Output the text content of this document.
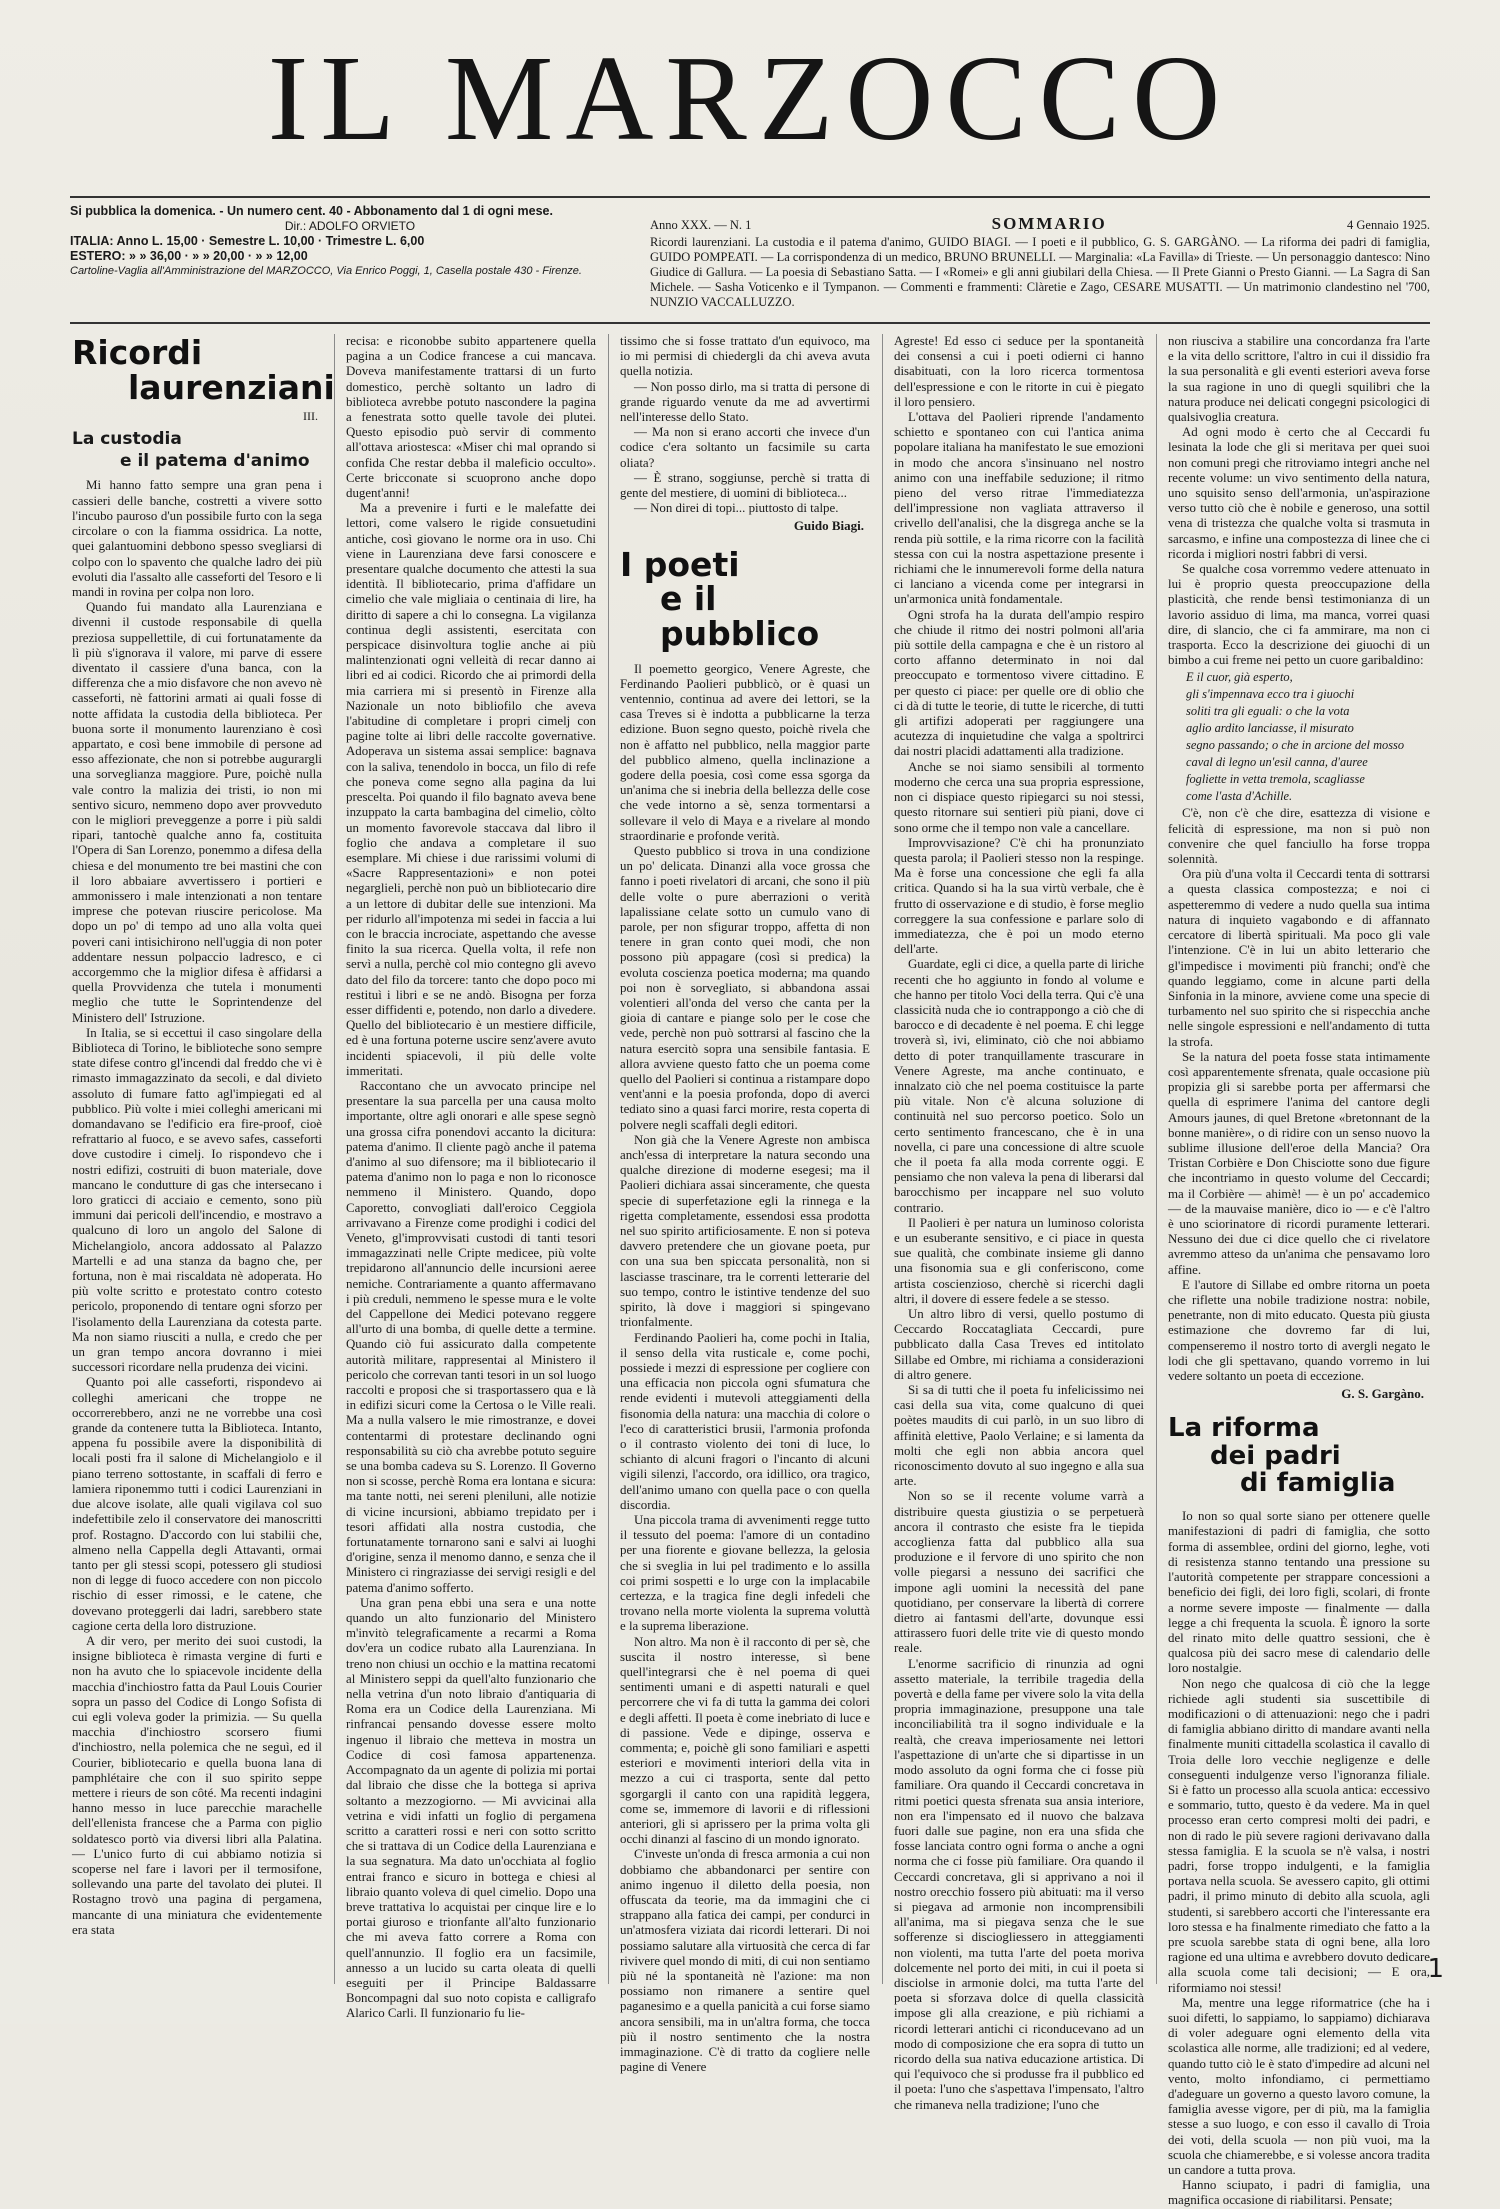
IL MARZOCCO
Si pubblica la domenica. - Un numero cent. 40 - Abbonamento dal 1 di ogni mese.
Dir.: ADOLFO ORVIETO
ITALIA: Anno L. 15,00 · Semestre L. 10,00 · Trimestre L. 6,00
ESTERO: » » 36,00 · » » 20,00 · » » 12,00
Cartoline-Vaglia all'Amministrazione del MARZOCCO, Via Enrico Poggi, 1, Casella postale 430 - Firenze.
Anno XXX. — N. 1	SOMMARIO	4 Gennaio 1925.
Ricordi laurenziani. La custodia e il patema d'animo, GUIDO BIAGI. — I poeti e il pubblico, G. S. GARGÀNO. — La riforma dei padri di famiglia, GUIDO POMPEATI. — La corrispondenza di un medico, BRUNO BRUNELLI. — Marginalia: «La Favilla» di Trieste. — Un personaggio dantesco: Nino Giudice di Gallura. — La poesia di Sebastiano Satta. — I «Romei» e gli anni giubilari della Chiesa. — Il Prete Gianni o Presto Gianni. — La Sagra di San Michele. — Sasha Voticenko e il Tympanon. — Commenti e frammenti: Clàretie e Zago, CESARE MUSATTI. — Un matrimonio clandestino nel '700, NUNZIO VACCALLUZZO.
Ricordi
laurenziani
III.
La custodia
e il patema d'animo

Mi hanno fatto sempre una gran pena i cassieri delle banche, costretti a vivere sotto l'incubo pauroso d'un possibile furto con la sega circolare o con la fiamma ossidrica. La notte, quei galantuomini debbono spesso svegliarsi di colpo con lo spavento che qualche ladro dei più evoluti dia l'assalto alle casseforti del Tesoro e li mandi in rovina per colpa non loro.

Quando fui mandato alla Laurenziana e divenni il custode responsabile di quella preziosa suppellettile, di cui fortunatamente da lì più s'ignorava il valore, mi parve di essere diventato il cassiere d'una banca, con la differenza che a mio disfavore che non avevo nè casseforti, nè fattorini armati ai quali fosse di notte affidata la custodia della biblioteca. Per buona sorte il monumento laurenziano è così appartato, e così bene immobile di persone ad esso affezionate, che non si potrebbe augurargli una sorveglianza maggiore. Pure, poichè nulla vale contro la malizia dei tristi, io non mi sentivo sicuro, nemmeno dopo aver provveduto con le migliori preveggenze a porre i più saldi ripari, tantochè qualche anno fa, costituita l'Opera di San Lorenzo, ponemmo a difesa della chiesa e del monumento tre bei mastini che con il loro abbaiare avvertissero i portieri e ammonissero i male intenzionati a non tentare imprese che potevan riuscire pericolose. Ma dopo un po' di tempo ad uno alla volta quei poveri cani intisichirono nell'uggia di non poter addentare nessun polpaccio ladresco, e ci accorgemmo che la miglior difesa è affidarsi a quella Provvidenza che tutela i monumenti meglio che tutte le Soprintendenze del Ministero dell' Istruzione.

In Italia, se si eccettui il caso singolare della Biblioteca di Torino, le biblioteche sono sempre state difese contro gl'incendi dal freddo che vi è rimasto immagazzinato da secoli, e dal divieto assoluto di fumare fatto agl'impiegati ed al pubblico. Più volte i miei colleghi americani mi domandavano se l'edificio era fire-proof, cioè refrattario al fuoco, e se avevo safes, casseforti dove custodire i cimelj. Io rispondevo che i nostri edifizi, costruiti di buon materiale, dove mancano le condutture di gas che intersecano i loro graticci di acciaio e cemento, sono più immuni dai pericoli dell'incendio, e mostravo a qualcuno di loro un angolo del Salone di Michelangiolo, ancora addossato al Palazzo Martelli e ad una stanza da bagno che, per fortuna, non è mai riscaldata nè adoperata. Ho più volte scritto e protestato contro cotesto pericolo, proponendo di tentare ogni sforzo per l'isolamento della Laurenziana da cotesta parte. Ma non siamo riusciti a nulla, e credo che per un gran tempo ancora dovranno i miei successori ricordare nella prudenza dei vicini.

Quanto poi alle casseforti, rispondevo ai colleghi americani che troppe ne occorrerebbero, anzi ne ne vorrebbe una così grande da contenere tutta la Biblioteca. Intanto, appena fu possibile avere la disponibilità di locali posti fra il salone di Michelangiolo e il piano terreno sottostante, in scaffali di ferro e lamiera riponemmo tutti i codici Laurenziani in due alcove isolate, alle quali vigilava col suo indefettibile zelo il conservatore dei manoscritti prof. Rostagno. D'accordo con lui stabilii che, almeno nella Cappella degli Attavanti, ormai tanto per gli stessi scopi, potessero gli studiosi non di legge di fuoco accedere con non piccolo rischio di esser rimossi, e le catene, che dovevano proteggerli dai ladri, sarebbero state cagione certa della loro distruzione.

A dir vero, per merito dei suoi custodi, la insigne biblioteca è rimasta vergine di furti e non ha avuto che lo spiacevole incidente della macchia d'inchiostro fatta da Paul Louis Courier sopra un passo del Codice di Longo Sofista di cui egli voleva goder la primizia. — Su quella macchia d'inchiostro scorsero fiumi d'inchiostro, nella polemica che ne seguì, ed il Courier, bibliotecario e quella buona lana di pamphlétaire che con il suo spirito seppe mettere i rieurs de son côté. Ma recenti indagini hanno messo in luce parecchie marachelle dell'ellenista francese che a Parma con piglio soldatesco portò via diversi libri alla Palatina. — L'unico furto di cui abbiamo notizia si scoperse nel fare i lavori per il termosifone, sollevando una parte del tavolato dei plutei. Il Rostagno trovò una pagina di pergamena, mancante di una miniatura che evidentemente era stata

recisa: e riconobbe subito appartenere quella pagina a un Codice francese a cui mancava. Doveva manifestamente trattarsi di un furto domestico, perchè soltanto un ladro di biblioteca avrebbe potuto nascondere la pagina a fenestrata sotto quelle tavole dei plutei. Questo episodio può servir di commento all'ottava ariostesca: «Miser chi mal oprando si confida Che restar debba il maleficio occulto». Certe bricconate si scuoprono anche dopo dugent'anni!

Ma a prevenire i furti e le malefatte dei lettori, come valsero le rigide consuetudini antiche, così giovano le norme ora in uso. Chi viene in Laurenziana deve farsi conoscere e presentare qualche documento che attesti la sua identità. Il bibliotecario, prima d'affidare un cimelio che vale migliaia o centinaia di lire, ha diritto di sapere a chi lo consegna. La vigilanza continua degli assistenti, esercitata con perspicace disinvoltura toglie anche ai più malintenzionati ogni velleità di recar danno ai libri ed ai codici. Ricordo che ai primordi della mia carriera mi si presentò in Firenze alla Nazionale un noto bibliofilo che aveva l'abitudine di completare i propri cimelj con pagine tolte ai libri delle raccolte governative. Adoperava un sistema assai semplice: bagnava con la saliva, tenendolo in bocca, un filo di refe che poneva come segno alla pagina da lui prescelta. Poi quando il filo bagnato aveva bene inzuppato la carta bambagina del cimelio, còlto un momento favorevole staccava dal libro il foglio che andava a completare il suo esemplare. Mi chiese i due rarissimi volumi di «Sacre Rappresentazioni» e non potei negarglieli, perchè non può un bibliotecario dire a un lettore di dubitar delle sue intenzioni. Ma per ridurlo all'impotenza mi sedei in faccia a lui con le braccia incrociate, aspettando che avesse finito la sua ricerca. Quella volta, il refe non servì a nulla, perchè col mio contegno gli avevo dato del filo da torcere: tanto che dopo poco mi restituì i libri e se ne andò. Bisogna per forza esser diffidenti e, potendo, non darlo a divedere. Quello del bibliotecario è un mestiere difficile, ed è una fortuna poterne uscire senz'avere avuto incidenti spiacevoli, il più delle volte immeritati.

Raccontano che un avvocato principe nel presentare la sua parcella per una causa molto importante, oltre agli onorari e alle spese segnò una grossa cifra ponendovi accanto la dicitura: patema d'animo. Il cliente pagò anche il patema d'animo al suo difensore; ma il bibliotecario il patema d'animo non lo paga e non lo riconosce nemmeno il Ministero. Quando, dopo Caporetto, convogliati dall'eroico Ceggiola arrivavano a Firenze come prodighi i codici del Veneto, gl'improvvisati custodi di tanti tesori immagazzinati nelle Cripte medicee, più volte trepidarono all'annuncio delle incursioni aeree nemiche. Contrariamente a quanto affermavano i più creduli, nemmeno le spesse mura e le volte del Cappellone dei Medici potevano reggere all'urto di una bomba, di quelle dette a termine. Quando ciò fui assicurato dalla competente autorità militare, rappresentai al Ministero il pericolo che correvan tanti tesori in un sol luogo raccolti e proposi che si trasportassero qua e là in edifizi sicuri come la Certosa o le Ville reali. Ma a nulla valsero le mie rimostranze, e dovei contentarmi di protestare declinando ogni responsabilità su ciò cha avrebbe potuto seguire se una bomba cadeva su S. Lorenzo. Il Governo non si scosse, perchè Roma era lontana e sicura: ma tante notti, nei sereni pleniluni, alle notizie di vicine incursioni, abbiamo trepidato per i tesori affidati alla nostra custodia, che fortunatamente tornarono sani e salvi ai luoghi d'origine, senza il menomo danno, e senza che il Ministero ci ringraziasse dei servigi resigli e del patema d'animo sofferto.

Una gran pena ebbi una sera e una notte quando un alto funzionario del Ministero m'invitò telegraficamente a recarmi a Roma dov'era un codice rubato alla Laurenziana. In treno non chiusi un occhio e la mattina recatomi al Ministero seppi da quell'alto funzionario che nella vetrina d'un noto libraio d'antiquaria di Roma era un Codice della Laurenziana. Mi rinfrancai pensando dovesse essere molto ingenuo il libraio che metteva in mostra un Codice di così famosa appartenenza. Accompagnato da un agente di polizia mi portai dal libraio che disse che la bottega si apriva soltanto a mezzogiorno. — Mi avvicinai alla vetrina e vidi infatti un foglio di pergamena scritto a caratteri rossi e neri con sotto scritto che si trattava di un Codice della Laurenziana e la sua segnatura. Ma dato un'occhiata al foglio entrai franco e sicuro in bottega e chiesi al libraio quanto voleva di quel cimelio. Dopo una breve trattativa lo acquistai per cinque lire e lo portai giuroso e trionfante all'alto funzionario che mi aveva fatto correre a Roma con quell'annunzio. Il foglio era un facsimile, annesso a un lucido su carta oleata di quelli eseguiti per il Principe Baldassarre Boncompagni dal suo noto copista e calligrafo Alarico Carli. Il funzionario fu lie-

tissimo che si fosse trattato d'un equivoco, ma io mi permisi di chiedergli da chi aveva avuta quella notizia.

— Non posso dirlo, ma si tratta di persone di grande riguardo venute da me ad avvertirmi nell'interesse dello Stato.

— Ma non si erano accorti che invece d'un codice c'era soltanto un facsimile su carta oliata?

— È strano, soggiunse, perchè si tratta di gente del mestiere, di uomini di biblioteca...

— Non direi di topi... piuttosto di talpe.

Guido Biagi.
I poeti
e il pubblico

Il poemetto georgico, Venere Agreste, che Ferdinando Paolieri pubblicò, or è quasi un ventennio, continua ad avere dei lettori, se la casa Treves si è indotta a pubblicarne la terza edizione. Buon segno questo, poichè rivela che non è affatto nel pubblico, nella maggior parte del pubblico almeno, quella inclinazione a godere della poesia, così come essa sgorga da un'anima che si inebria della bellezza delle cose che vede intorno a sè, senza tormentarsi a sollevare il velo di Maya e a rivelare al mondo straordinarie e profonde verità.

Questo pubblico si trova in una condizione un po' delicata. Dinanzi alla voce grossa che fanno i poeti rivelatori di arcani, che sono il più delle volte o pure aberrazioni o verità lapalissiane celate sotto un cumulo vano di parole, per non sfigurar troppo, affetta di non tenere in gran conto quei modi, che non possono più appagare (così si predica) la evoluta coscienza poetica moderna; ma quando poi non è sorvegliato, si abbandona assai volentieri all'onda del verso che canta per la gioia di cantare e piange solo per le cose che vede, perchè non può sottrarsi al fascino che la natura esercitò sopra una sensibile fantasia. E allora avviene questo fatto che un poema come quello del Paolieri si continua a ristampare dopo vent'anni e la poesia profonda, dopo di averci tediato sino a quasi farci morire, resta coperta di polvere negli scaffali degli editori.

Non già che la Venere Agreste non ambisca anch'essa di interpretare la natura secondo una qualche direzione di moderne esegesi; ma il Paolieri dichiara assai sinceramente, che questa specie di superfetazione egli la rinnega e la rigetta completamente, essendosi essa prodotta nel suo spirito artificiosamente. E non si poteva davvero pretendere che un giovane poeta, pur con una sua ben spiccata personalità, non si lasciasse trascinare, tra le correnti letterarie del suo tempo, contro le istintive tendenze del suo spirito, là dove i maggiori si spingevano trionfalmente.

Ferdinando Paolieri ha, come pochi in Italia, il senso della vita rusticale e, come pochi, possiede i mezzi di espressione per cogliere con una efficacia non piccola ogni sfumatura che rende evidenti i mutevoli atteggiamenti della fisonomia della natura: una macchia di colore o l'eco di caratteristici brusii, l'armonia profonda o il contrasto violento dei toni di luce, lo schianto di alcuni fragori o l'incanto di alcuni vigili silenzi, l'accordo, ora idillico, ora tragico, dell'animo umano con quella pace o con quella discordia.

Una piccola trama di avvenimenti regge tutto il tessuto del poema: l'amore di un contadino per una fiorente e giovane bellezza, la gelosia che si sveglia in lui pel tradimento e lo assilla coi primi sospetti e lo urge con la implacabile certezza, e la tragica fine degli infedeli che trovano nella morte violenta la suprema voluttà e la suprema liberazione.

Non altro. Ma non è il racconto di per sè, che suscita il nostro interesse, sì bene quell'integrarsi che è nel poema di quei sentimenti umani e di aspetti naturali e quel percorrere che vi fa di tutta la gamma dei colori e degli affetti. Il poeta è come inebriato di luce e di passione. Vede e dipinge, osserva e commenta; e, poichè gli sono familiari e aspetti esteriori e movimenti interiori della vita in mezzo a cui ci trasporta, sente dal petto sgorgargli il canto con una rapidità leggera, come se, immemore di lavorii e di riflessioni anteriori, gli si aprissero per la prima volta gli occhi dinanzi al fascino di un mondo ignorato.

C'investe un'onda di fresca armonia a cui non dobbiamo che abbandonarci per sentire con animo ingenuo il diletto della poesia, non offuscata da teorie, ma da immagini che ci strappano alla fatica dei campi, per condurci in un'atmosfera viziata dai ricordi letterari. Di noi possiamo salutare alla virtuosità che cerca di far rivivere quel mondo di miti, di cui non sentiamo più né la spontaneità nè l'azione: ma non possiamo non rimanere a sentire quel paganesimo e a quella panicità a cui forse siamo ancora sensibili, ma in un'altra forma, che tocca più il nostro sentimento che la nostra immaginazione. C'è di tratto da cogliere nelle pagine di Venere

Agreste! Ed esso ci seduce per la spontaneità dei consensi a cui i poeti odierni ci hanno disabituati, con la loro ricerca tormentosa dell'espressione e con le ritorte in cui è piegato il loro pensiero.

L'ottava del Paolieri riprende l'andamento schietto e spontaneo con cui l'antica anima popolare italiana ha manifestato le sue emozioni in modo che ancora s'insinuano nel nostro animo con una ineffabile seduzione; il ritmo pieno del verso ritrae l'immediatezza dell'impressione non vagliata attraverso il crivello dell'analisi, che la disgrega anche se la renda più sottile, e la rima ricorre con la facilità stessa con cui la nostra aspettazione presente i richiami che le innumerevoli forme della natura ci lanciano a vicenda come per integrarsi in un'armonica unità fondamentale.

Ogni strofa ha la durata dell'ampio respiro che chiude il ritmo dei nostri polmoni all'aria più sottile della campagna e che è un ristoro al corto affanno determinato in noi dal preoccupato e tormentoso vivere cittadino. E per questo ci piace: per quelle ore di oblio che ci dà di tutte le teorie, di tutte le ricerche, di tutti gli artifizi adoperati per raggiungere una acutezza di inquietudine che valga a spoltrirci dai nostri placidi adattamenti alla tradizione.

Anche se noi siamo sensibili al tormento moderno che cerca una sua propria espressione, non ci dispiace questo ripiegarci su noi stessi, questo ritornare sui sentieri più piani, dove ci sono orme che il tempo non vale a cancellare.

Improvvisazione? C'è chi ha pronunziato questa parola; il Paolieri stesso non la respinge. Ma è forse una concessione che egli fa alla critica. Quando si ha la sua virtù verbale, che è frutto di osservazione e di studio, è forse meglio correggere la sua confessione e parlare solo di immediatezza, che è poi un modo eterno dell'arte.

Guardate, egli ci dice, a quella parte di liriche recenti che ho aggiunto in fondo al volume e che hanno per titolo Voci della terra. Qui c'è una classicità nuda che io contrappongo a ciò che di barocco e di decadente è nel poema. E chi legge troverà sì, ivi, eliminato, ciò che noi abbiamo detto di poter tranquillamente trascurare in Venere Agreste, ma anche continuato, e innalzato ciò che nel poema costituisce la parte più vitale. Non c'è alcuna soluzione di continuità nel suo percorso poetico. Solo un certo sentimento francescano, che è in una novella, ci pare una concessione di altre scuole che il poeta fa alla moda corrente oggi. E pensiamo che non valeva la pena di liberarsi dal barocchismo per incappare nel suo voluto contrario.

Il Paolieri è per natura un luminoso colorista e un esuberante sensitivo, e ci piace in questa sue qualità, che combinate insieme gli danno una fisonomia sua e gli conferiscono, come artista coscienzioso, cherchè si ricerchi dagli altri, il dovere di essere fedele a se stesso.

Un altro libro di versi, quello postumo di Ceccardo Roccatagliata Ceccardi, pure pubblicato dalla Casa Treves ed intitolato Sillabe ed Ombre, mi richiama a considerazioni di altro genere.

Si sa di tutti che il poeta fu infelicissimo nei casi della sua vita, come qualcuno di quei poètes maudits di cui parlò, in un suo libro di affinità elettive, Paolo Verlaine; e si lamenta da molti che egli non abbia ancora quel riconoscimento dovuto al suo ingegno e alla sua arte.

Non so se il recente volume varrà a distribuire questa giustizia o se perpetuerà ancora il contrasto che esiste fra le tiepida accoglienza fatta dal pubblico alla sua produzione e il fervore di uno spirito che non volle piegarsi a nessuno dei sacrifici che impone agli uomini la necessità del pane quotidiano, per conservare la libertà di correre dietro ai fantasmi dell'arte, dovunque essi attirassero fuori delle trite vie di questo mondo reale.

L'enorme sacrificio di rinunzia ad ogni assetto materiale, la terribile tragedia della povertà e della fame per vivere solo la vita della propria immaginazione, presuppone una tale inconciliabilità tra il sogno individuale e la realtà, che creava imperiosamente nei lettori l'aspettazione di un'arte che si dipartisse in un modo assoluto da ogni forma che ci fosse più familiare. Ora quando il Ceccardi concretava in ritmi poetici questa sfrenata sua ansia interiore, non era l'impensato ed il nuovo che balzava fuori dalle sue pagine, non era una sfida che fosse lanciata contro ogni forma o anche a ogni norma che ci fosse più familiare. Ora quando il Ceccardi concretava, gli si apprivano a noi il nostro orecchio fossero più abituati: ma il verso si piegava ad armonie non incomprensibili all'anima, ma si piegava senza che le sue sofferenze si disciogliessero in atteggiamenti non violenti, ma tutta l'arte del poeta moriva dolcemente nel porto dei miti, in cui il poeta si disciolse in armonie dolci, ma tutta l'arte del poeta si sforzava dolce di quella classicità impose gli alla creazione, e più richiami a ricordi letterari antichi ci riconducevano ad un modo di composizione che era sopra di tutto un ricordo della sua nativa educazione artistica. Di qui l'equivoco che si produsse fra il pubblico ed il poeta: l'uno che s'aspettava l'impensato, l'altro che rimaneva nella tradizione; l'uno che

non riusciva a stabilire una concordanza fra l'arte e la vita dello scrittore, l'altro in cui il dissidio fra la sua personalità e gli eventi esteriori aveva forse la sua ragione in uno di quegli squilibri che la natura produce nei delicati congegni psicologici di qualsivoglia creatura.

Ad ogni modo è certo che al Ceccardi fu lesinata la lode che gli si meritava per quei suoi non comuni pregi che ritroviamo integri anche nel recente volume: un vivo sentimento della natura, uno squisito senso dell'armonia, un'aspirazione verso tutto ciò che è nobile e generoso, una sottil vena di tristezza che qualche volta si trasmuta in sarcasmo, e infine una compostezza di linee che ci ricorda i migliori nostri fabbri di versi.

Se qualche cosa vorremmo vedere attenuato in lui è proprio questa preoccupazione della plasticità, che rende bensì testimonianza di un lavorio assiduo di lima, ma manca, vorrei quasi dire, di slancio, che ci fa ammirare, ma non ci trasporta. Ecco la descrizione dei giuochi di un bimbo a cui freme nei petto un cuore garibaldino:

E il cuor, già esperto,
gli s'impennava ecco tra i giuochi
soliti tra gli eguali: o che la vota
aglio ardito lanciasse, il misurato
segno passando; o che in arcione del mosso
caval di legno un'esil canna, d'auree
fogliette in vetta tremola, scagliasse
come l'asta d'Achille.

C'è, non c'è che dire, esattezza di visione e felicità di espressione, ma non si può non convenire che quel fanciullo ha forse troppa solennità.

Ora più d'una volta il Ceccardi tenta di sottrarsi a questa classica compostezza; e noi ci aspetteremmo di vedere a nudo quella sua intima natura di inquieto vagabondo e di affannato cercatore di libertà spirituali. Ma poco gli vale l'intenzione. C'è in lui un abito letterario che gl'impedisce i movimenti più franchi; ond'è che quando leggiamo, come in alcune parti della Sinfonia in la minore, avviene come una specie di turbamento nel suo spirito che si rispecchia anche nelle singole espressioni e nell'andamento di tutta la strofa.

Se la natura del poeta fosse stata intimamente così apparentemente sfrenata, quale occasione più propizia gli si sarebbe porta per affermarsi che quella di esprimere l'anima del cantore degli Amours jaunes, di quel Bretone «bretonnant de la bonne manière», o di ridire con un senso nuovo la sublime illusione dell'eroe della Mancia? Ora Tristan Corbière e Don Chisciotte sono due figure che incontriamo in questo volume del Ceccardi; ma il Corbière — ahimè! — è un po' accademico — de la mauvaise manière, dico io — e c'è l'altro è uno sciorinatore di ricordi puramente letterari. Nessuno dei due ci dice quello che ci rivelatore avremmo atteso da un'anima che pensavamo loro affine.

E l'autore di Sillabe ed ombre ritorna un poeta che riflette una nobile tradizione nostra: nobile, penetrante, non di mito educato. Questa più giusta estimazione che dovremo far di lui, compenseremo il nostro torto di avergli negato le lodi che gli spettavano, quando vorremo in lui vedere soltanto un poeta di eccezione.

G. S. Gargàno.
La riforma
dei padri
di famiglia

Io non so qual sorte siano per ottenere quelle manifestazioni di padri di famiglia, che sotto forma di assemblee, ordini del giorno, leghe, voti di resistenza stanno tentando una pressione su l'autorità competente per strappare concessioni a beneficio dei figli, dei loro figli, scolari, di fronte a norme severe imposte — finalmente — dalla legge a chi frequenta la scuola. È ignoro la sorte del rinato mito delle quattro sessioni, che è qualcosa più dei sacro mese di calendario delle loro nostalgie.

Non nego che qualcosa di ciò che la legge richiede agli studenti sia suscettibile di modificazioni o di attenuazioni: nego che i padri di famiglia abbiano diritto di mandare avanti nella finalmente muniti cittadella scolastica il cavallo di Troia delle loro vecchie negligenze e delle conseguenti indulgenze verso l'ignoranza filiale. Si è fatto un processo alla scuola antica: eccessivo e sommario, tutto, questo è da vedere. Ma in quel processo eran certo compresi molti dei padri, e non di rado le più severe ragioni derivavano dalla stessa famiglia. E la scuola se n'è valsa, i nostri padri, forse troppo indulgenti, e la famiglia portava nella scuola. Se avessero capito, gli ottimi padri, il primo minuto di debito alla scuola, agli studenti, si sarebbero accorti che l'interessante era loro stessa e ha finalmente rimediato che fatto a la pre scuola sarebbe stata di ogni bene, alla loro ragione ed una ultima e avrebbero dovuto dedicare alla scuola come tali decisioni; — E ora, riformiamo noi stessi!

Ma, mentre una legge riformatrice (che ha i suoi difetti, lo sappiamo, lo sappiamo) dichiarava di voler adeguare ogni elemento della vita scolastica alle norme, alle tradizioni; ed al vedere, quando tutto ciò le è stato d'impedire ad alcuni nel vento, molto infondiamo, ci permettiamo d'adeguare un governo a questo lavoro comune, la famiglia avesse vigore, per di più, ma la famiglia stesse a suo luogo, e con esso il cavallo di Troia dei voti, della scuola — non più vuoi, ma la scuola che chiamerebbe, e si volesse ancora tradita un candore a tutta prova.

Hanno sciupato, i padri di famiglia, una magnifica occasione di riabilitarsi. Pensate;

1
